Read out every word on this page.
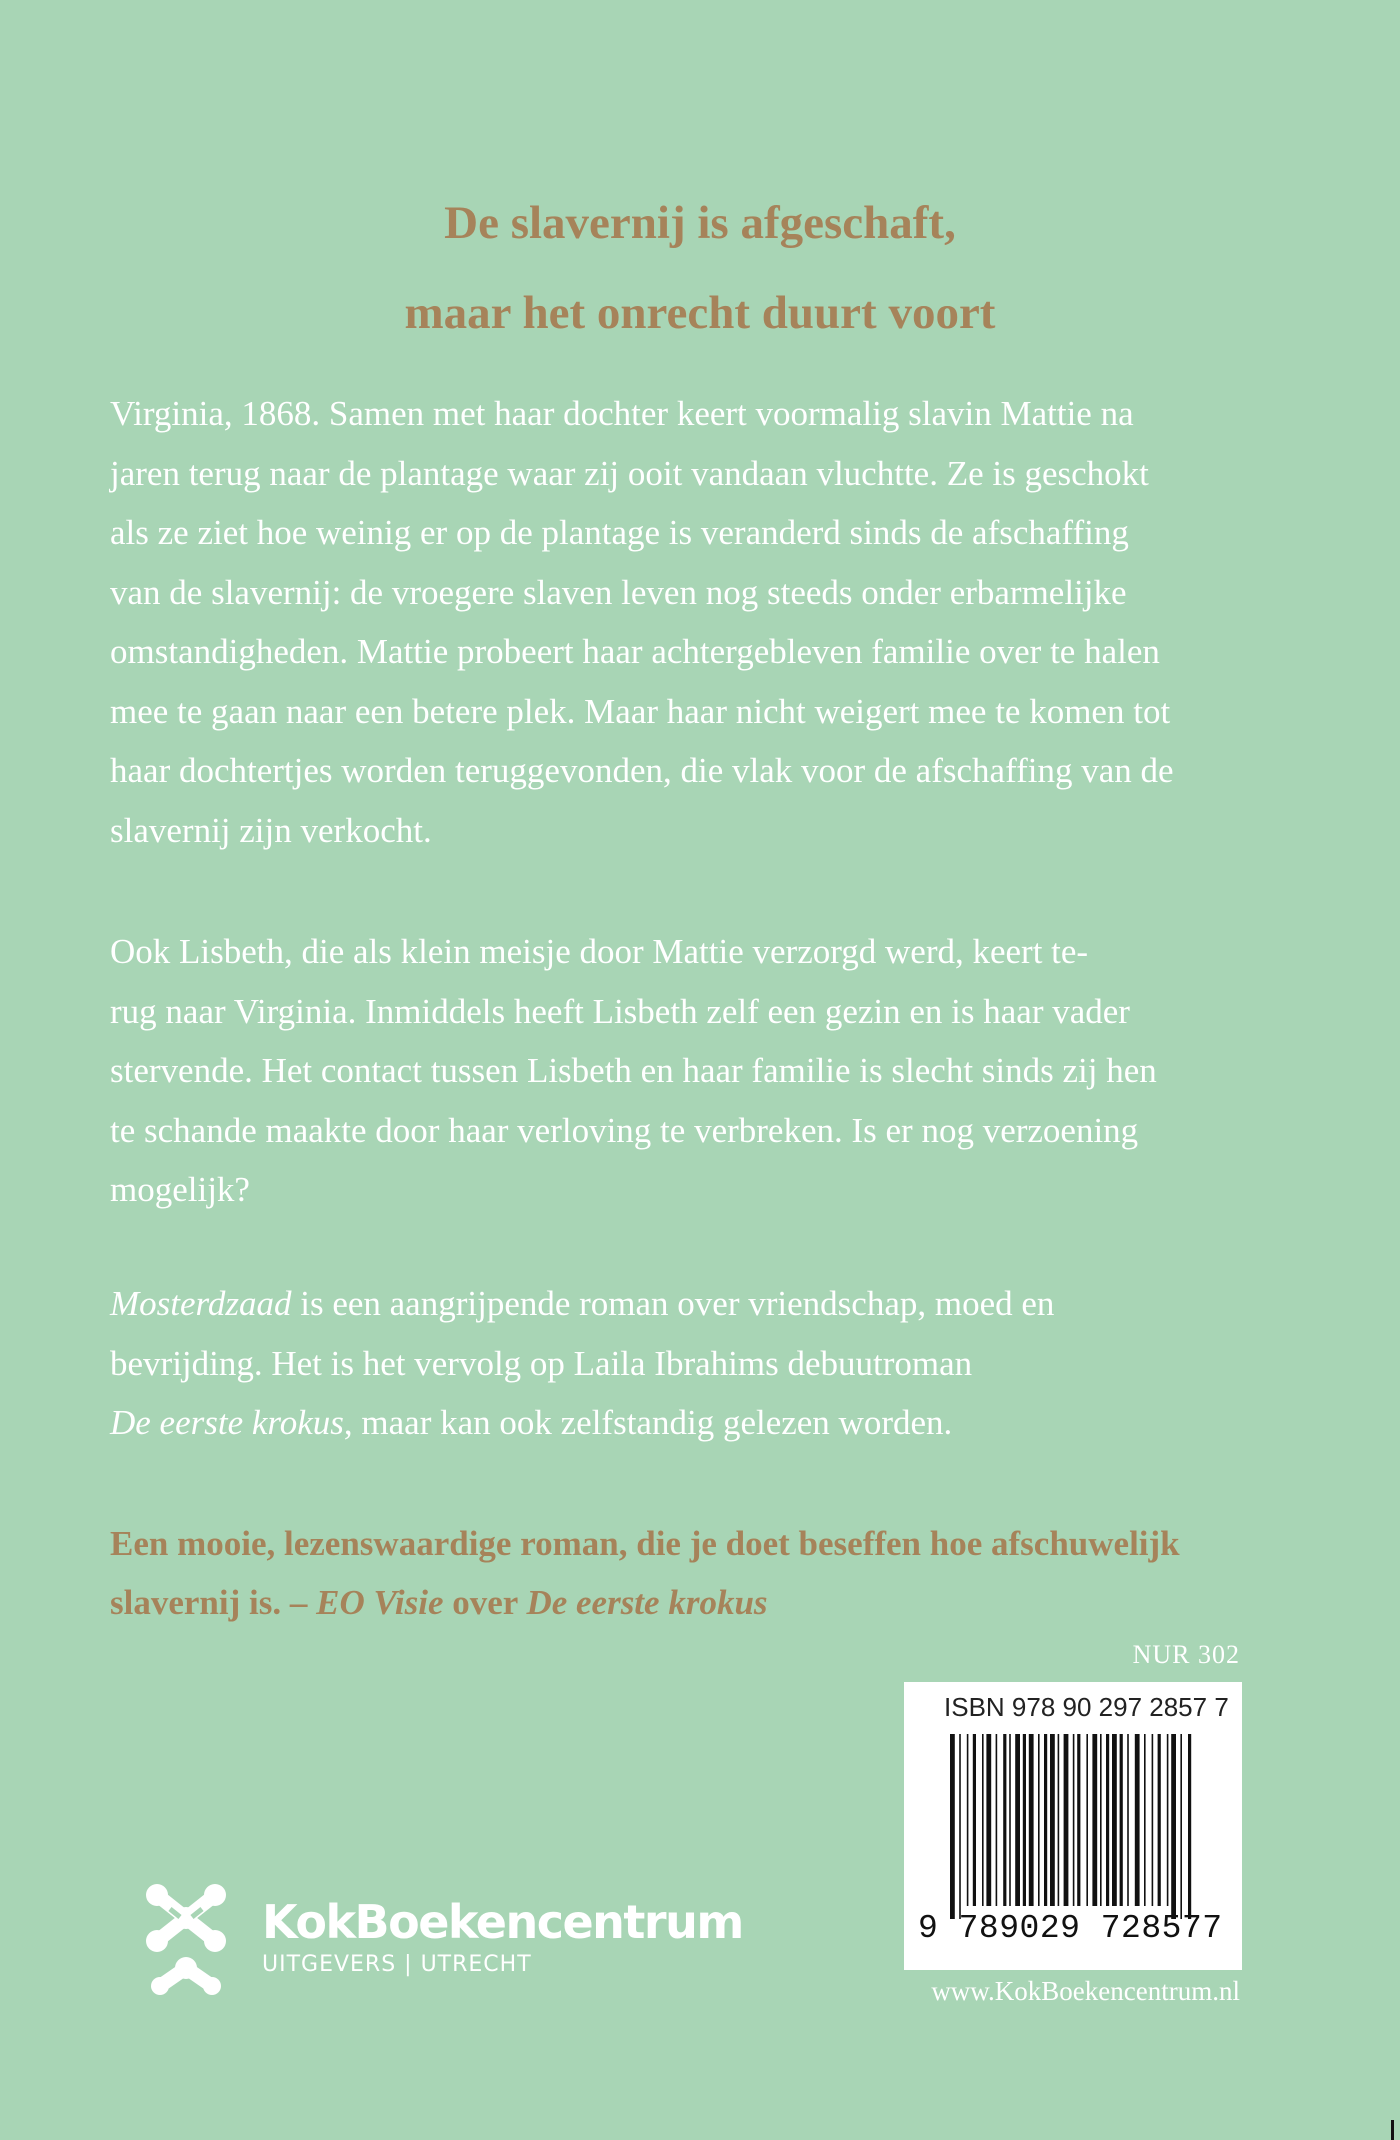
De slavernij is afgeschaft,
maar het onrecht duurt voort

Virginia, 1868. Samen met haar dochter keert voormalig slavin Mattie na
jaren terug naar de plantage waar zij ooit vandaan vluchtte. Ze is geschokt
als ze ziet hoe weinig er op de plantage is veranderd sinds de afschaffing
van de slavernij: de vroegere slaven leven nog steeds onder erbarmelijke
omstandigheden. Mattie probeert haar achtergebleven familie over te halen
mee te gaan naar een betere plek. Maar haar nicht weigert mee te komen tot
haar dochtertjes worden teruggevonden, die vlak voor de afschaffing van de
slavernij zijn verkocht.

Ook Lisbeth, die als klein meisje door Mattie verzorgd werd, keert te-
rug naar Virginia. Inmiddels heeft Lisbeth zelf een gezin en is haar vader
stervende. Het contact tussen Lisbeth en haar familie is slecht sinds zij hen
te schande maakte door haar verloving te verbreken. Is er nog verzoening
mogelijk?

Mosterdzaad is een aangrijpende roman over vriendschap, moed en
bevrijding. Het is het vervolg op Laila Ibrahims debuutroman
De eerste krokus, maar kan ook zelfstandig gelezen worden.

Een mooie, lezenswaardige roman, die je doet beseffen hoe afschuwelijk
slavernij is. – EO Visie over De eerste krokus

NUR 302
ISBN 978 90 297 2857 7
9 789029 728577
www.KokBoekencentrum.nl
KokBoekencentrum
UITGEVERS | UTRECHT
